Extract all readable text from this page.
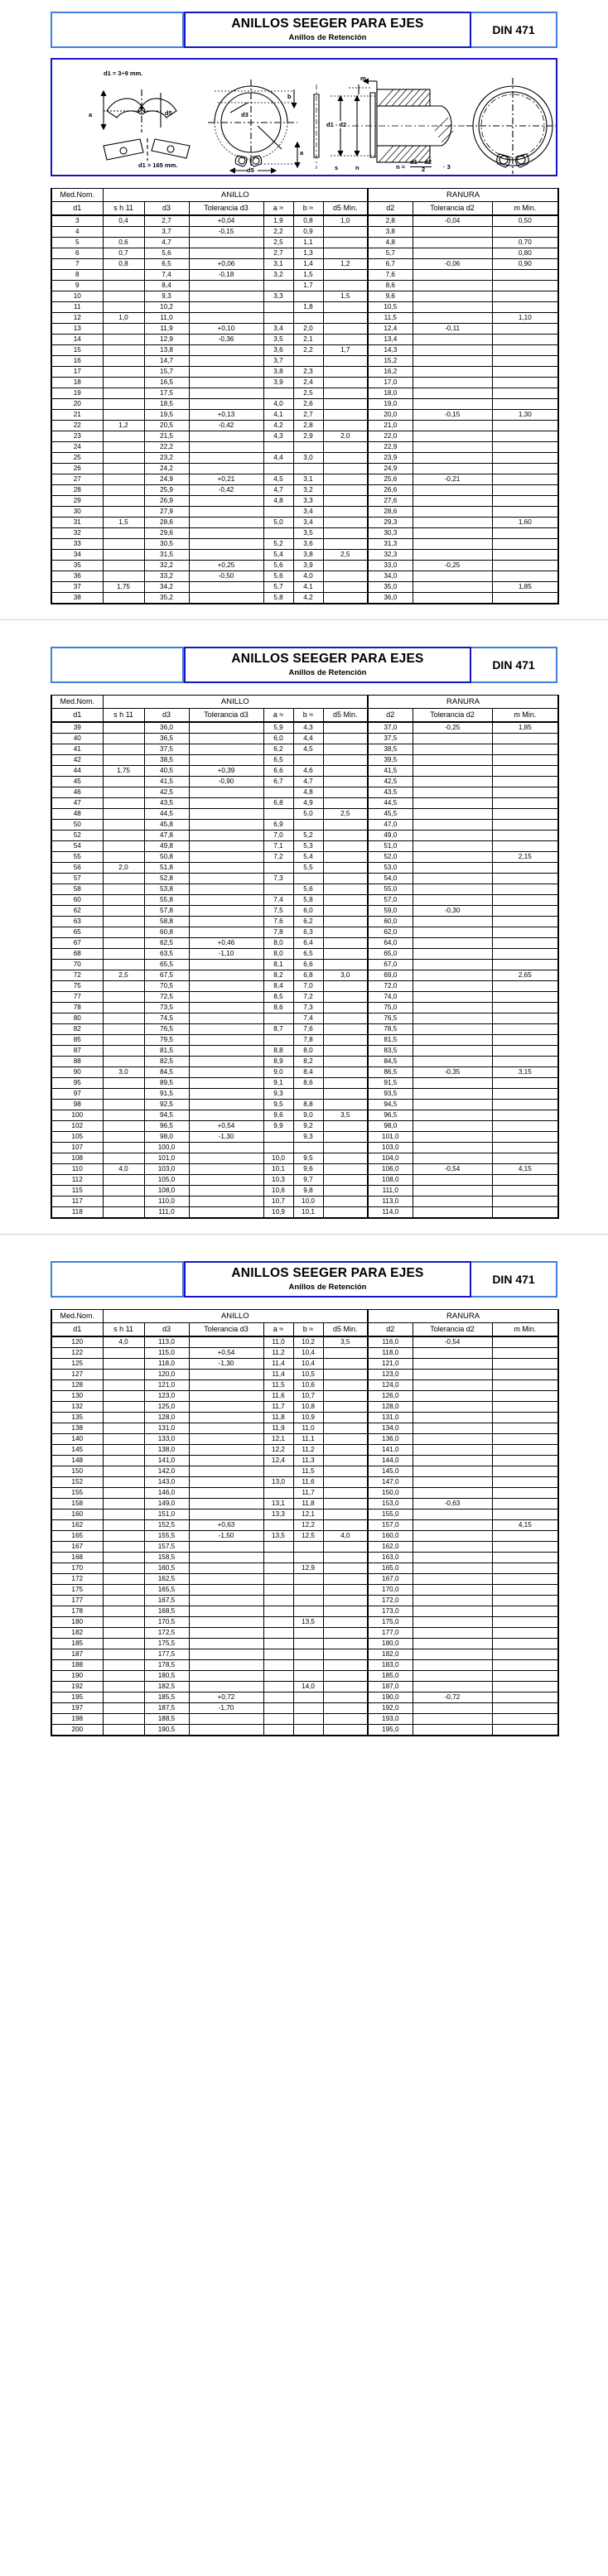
ANILLOS SEEGER PARA EJES
Anillos de Retención
DIN 471
d1 = 3÷9 mm.
a	d5
d1 > 165 mm.
d3
b
a
d5
m
d1 - d2
s	n	n =
d1 − d2
2	· 3
Med.Nom.	ANILLO						RANURA		
d1	s h 11	d3	Tolerancia d3	a ≈	b ≈	d5 Min.	d2	Tolerancia d2	m Min.
3	0,4	2,7	+0,04	1,9	0,8	1,0	2,8	-0,04	0,50
4		3,7	-0,15	2,2	0,9		3,8		
5	0,6	4,7		2,5	1,1		4,8		0,70
6	0,7	5,6		2,7	1,3		5,7		0,80
7	0,8	6,5	+0,06	3,1	1,4	1,2	6,7	-0,06	0,90
8		7,4	-0,18	3,2	1,5		7,6		
9		8,4			1,7		8,6		
10		9,3		3,3		1,5	9,6		
11		10,2			1,8		10,5		
12	1,0	11,0					11,5		1,10
13		11,9	+0,10	3,4	2,0		12,4	-0,11	
14		12,9	-0,36	3,5	2,1		13,4		
15		13,8		3,6	2,2	1,7	14,3		
16		14,7		3,7			15,2		
17		15,7		3,8	2,3		16,2		
18		16,5		3,9	2,4		17,0		
19		17,5			2,5		18,0		
20		18,5		4,0	2,6		19,0		
21		19,5	+0,13	4,1	2,7		20,0	-0,15	1,30
22	1,2	20,5	-0,42	4,2	2,8		21,0		
23		21,5		4,3	2,9	2,0	22,0		
24		22,2					22,9		
25		23,2		4,4	3,0		23,9		
26		24,2					24,9		
27		24,9	+0,21	4,5	3,1		25,6	-0,21	
28		25,9	-0,42	4,7	3,2		26,6		
29		26,9		4,8	3,3		27,6		
30		27,9			3,4		28,6		
31	1,5	28,6		5,0	3,4		29,3		1,60
32		29,6			3,5		30,3		
33		30,5		5,2	3,6		31,3		
34		31,5		5,4	3,8	2,5	32,3		
35		32,2	+0,25	5,6	3,9		33,0	-0,25	
36		33,2	-0,50	5,6	4,0		34,0		
37	1,75	34,2		5,7	4,1		35,0		1,85
38		35,2		5,8	4,2		36,0		
ANILLOS SEEGER PARA EJES
Anillos de Retención
DIN 471
Med.Nom.	ANILLO						RANURA		
d1	s h 11	d3	Tolerancia d3	a ≈	b ≈	d5 Min.	d2	Tolerancia d2	m Min.
39		36,0		5,9	4,3		37,0	-0,25	1,85
40		36,5		6,0	4,4		37,5		
41		37,5		6,2	4,5		38,5		
42		38,5		6,5			39,5		
44	1,75	40,5	+0,39	6,6	4,6		41,5		
45		41,5	-0,90	6,7	4,7		42,5		
46		42,5			4,8		43,5		
47		43,5		6,8	4,9		44,5		
48		44,5			5,0	2,5	45,5		
50		45,8		6,9			47,0		
52		47,8		7,0	5,2		49,0		
54		49,8		7,1	5,3		51,0		
55		50,8		7,2	5,4		52,0		2,15
56	2,0	51,8			5,5		53,0		
57		52,8		7,3			54,0		
58		53,8			5,6		55,0		
60		55,8		7,4	5,8		57,0		
62		57,8		7,5	6,0		59,0	-0,30	
63		58,8		7,6	6,2		60,0		
65		60,8		7,8	6,3		62,0		
67		62,5	+0,46	8,0	6,4		64,0		
68		63,5	-1,10	8,0	6,5		65,0		
70		65,5		8,1	6,6		67,0		
72	2,5	67,5		8,2	6,8	3,0	69,0		2,65
75		70,5		8,4	7,0		72,0		
77		72,5		8,5	7,2		74,0		
78		73,5		8,6	7,3		75,0		
80		74,5			7,4		76,5		
82		76,5		8,7	7,6		78,5		
85		79,5			7,8		81,5		
87		81,5		8,8	8,0		83,5		
88		82,5		8,9	8,2		84,5		
90	3,0	84,5		9,0	8,4		86,5	-0,35	3,15
95		89,5		9,1	8,6		91,5		
97		91,5		9,3			93,5		
98		92,5		9,5	8,8		94,5		
100		94,5		9,6	9,0	3,5	96,5		
102		96,5	+0,54	9,9	9,2		98,0		
105		98,0	-1,30		9,3		101,0		
107		100,0					103,0		
108		101,0		10,0	9,5		104,0		
110	4,0	103,0		10,1	9,6		106,0	-0,54	4,15
112		105,0		10,3	9,7		108,0		
115		108,0		10,6	9,8		111,0		
117		110,0		10,7	10,0		113,0		
118		111,0		10,9	10,1		114,0		
ANILLOS SEEGER PARA EJES
Anillos de Retención
DIN 471
Med.Nom.	ANILLO						RANURA		
d1	s h 11	d3	Tolerancia d3	a ≈	b ≈	d5 Min.	d2	Tolerancia d2	m Min.
120	4,0	113,0		11,0	10,2	3,5	116,0	-0,54	
122		115,0	+0,54	11,2	10,4		118,0		
125		118,0	-1,30	11,4	10,4		121,0		
127		120,0		11,4	10,5		123,0		
128		121,0		11,5	10,6		124,0		
130		123,0		11,6	10,7		126,0		
132		125,0		11,7	10,8		128,0		
135		128,0		11,8	10,9		131,0		
138		131,0		11,9	11,0		134,0		
140		133,0		12,1	11,1		136,0		
145		138,0		12,2	11,2		141,0		
148		141,0		12,4	11,3		144,0		
150		142,0			11,5		145,0		
152		143,0		13,0	11,6		147,0		
155		146,0			11,7		150,0		
158		149,0		13,1	11,8		153,0	-0,63	
160		151,0		13,3	12,1		155,0		
162		152,5	+0,63		12,2		157,0		4,15
165		155,5	-1,50	13,5	12,5	4,0	160,0		
167		157,5					162,0		
168		158,5					163,0		
170		160,5			12,9		165,0		
172		162,5					167,0		
175		165,5					170,0		
177		167,5					172,0		
178		168,5					173,0		
180		170,5			13,5		175,0		
182		172,5					177,0		
185		175,5					180,0		
187		177,5					182,0		
188		178,5					183,0		
190		180,5					185,0		
192		182,5			14,0		187,0		
195		185,5	+0,72				190,0	-0,72	
197		187,5	-1,70				192,0		
198		188,5					193,0		
200		190,5					195,0		
